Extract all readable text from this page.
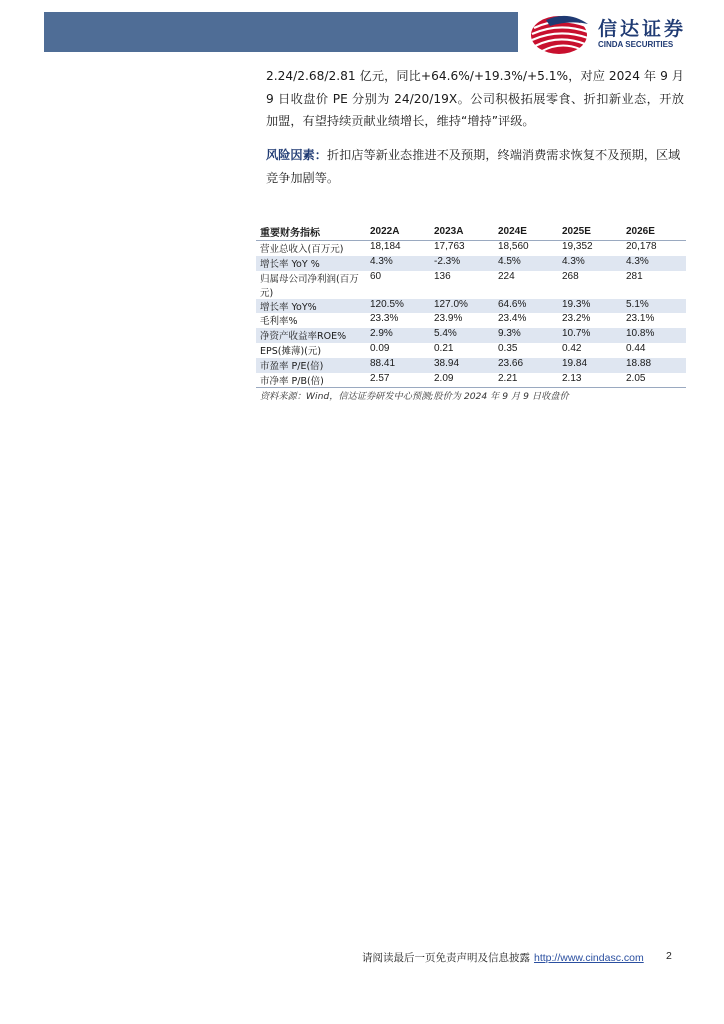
信达证券
CINDA SECURITIES

2.24/2.68/2.81 亿元，同比+64.6%/+19.3%/+5.1%，对应 2024 年 9 月 9 日收盘价 PE 分别为 24/20/19X。公司积极拓展零食、折扣新业态，开放加盟，有望持续贡献业绩增长，维持“增持”评级。

风险因素：折扣店等新业态推进不及预期，终端消费需求恢复不及预期，区域竞争加剧等。

重要财务指标	2022A	2023A	2024E	2025E	2026E
营业总收入(百万元)	18,184	17,763	18,560	19,352	20,178
增长率 YoY %	4.3%	-2.3%	4.5%	4.3%	4.3%
归属母公司净利润(百万元)	60	136	224	268	281
增长率 YoY%	120.5%	127.0%	64.6%	19.3%	5.1%
毛利率%	23.3%	23.9%	23.4%	23.2%	23.1%
净资产收益率ROE%	2.9%	5.4%	9.3%	10.7%	10.8%
EPS(摊薄)(元)	0.09	0.21	0.35	0.42	0.44
市盈率 P/E(倍)	88.41	38.94	23.66	19.84	18.88
市净率 P/B(倍)	2.57	2.09	2.21	2.13	2.05
资料来源：Wind，信达证券研发中心预测;股价为 2024 年 9 月 9 日收盘价
请阅读最后一页免责声明及信息披露 http://www.cindasc.com 2
